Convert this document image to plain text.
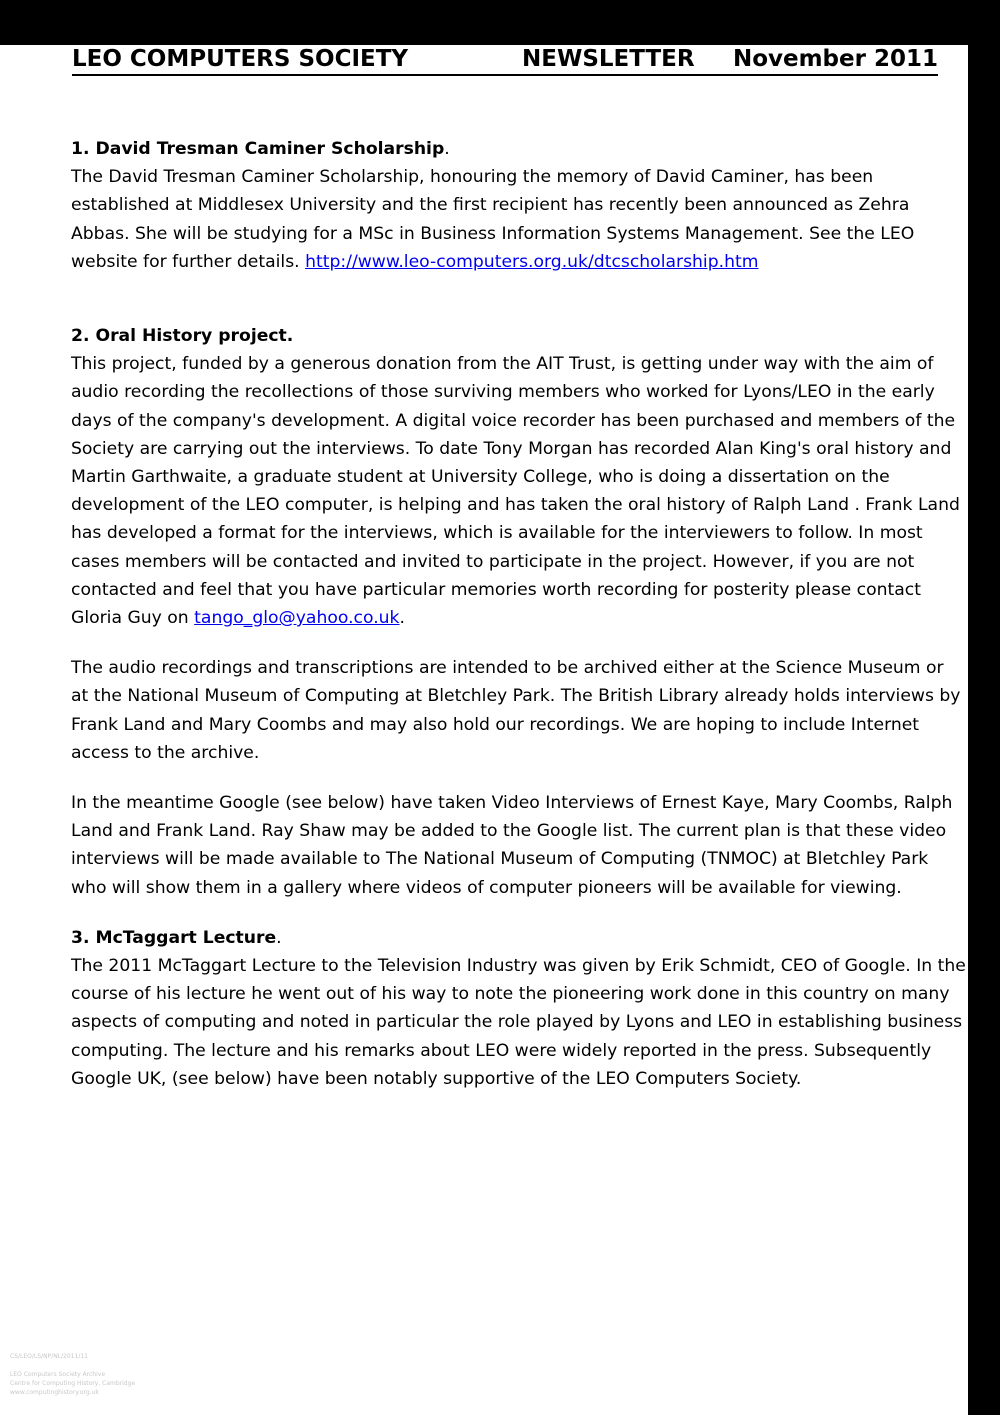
LEO COMPUTERS SOCIETY	NEWSLETTER November 2011

1. David Tresman Caminer Scholarship.

The David Tresman Caminer Scholarship, honouring the memory of David Caminer, has been established at Middlesex University and the first recipient has recently been announced as Zehra Abbas. She will be studying for a MSc in Business Information Systems Management. See the LEO website for further details. http://www.leo-computers.org.uk/dtcscholarship.htm

2. Oral History project.

This project, funded by a generous donation from the AIT Trust, is getting under way with the aim of audio recording the recollections of those surviving members who worked for Lyons/LEO in the early days of the company's development. A digital voice recorder has been purchased and members of the Society are carrying out the interviews. To date Tony Morgan has recorded Alan King's oral history and Martin Garthwaite, a graduate student at University College, who is doing a dissertation on the development of the LEO computer, is helping and has taken the oral history of Ralph Land . Frank Land has developed a format for the interviews, which is available for the interviewers to follow. In most cases members will be contacted and invited to participate in the project. However, if you are not contacted and feel that you have particular memories worth recording for posterity please contact Gloria Guy on tango_glo@yahoo.co.uk.

The audio recordings and transcriptions are intended to be archived either at the Science Museum or at the National Museum of Computing at Bletchley Park. The British Library already holds interviews by Frank Land and Mary Coombs and may also hold our recordings. We are hoping to include Internet access to the archive.

In the meantime Google (see below) have taken Video Interviews of Ernest Kaye, Mary Coombs, Ralph Land and Frank Land. Ray Shaw may be added to the Google list. The current plan is that these video interviews will be made available to The National Museum of Computing (TNMOC) at Bletchley Park who will show them in a gallery where videos of computer pioneers will be available for viewing.

3. McTaggart Lecture.

The 2011 McTaggart Lecture to the Television Industry was given by Erik Schmidt, CEO of Google. In the course of his lecture he went out of his way to note the pioneering work done in this country on many aspects of computing and noted in particular the role played by Lyons and LEO in establishing business computing. The lecture and his remarks about LEO were widely reported in the press. Subsequently Google UK, (see below) have been notably supportive of the LEO Computers Society.

CS/LEO/LS/NP/NL/2011/11
LEO Computers Society Archive
Centre for Computing History, Cambridge
www.computinghistory.org.uk
